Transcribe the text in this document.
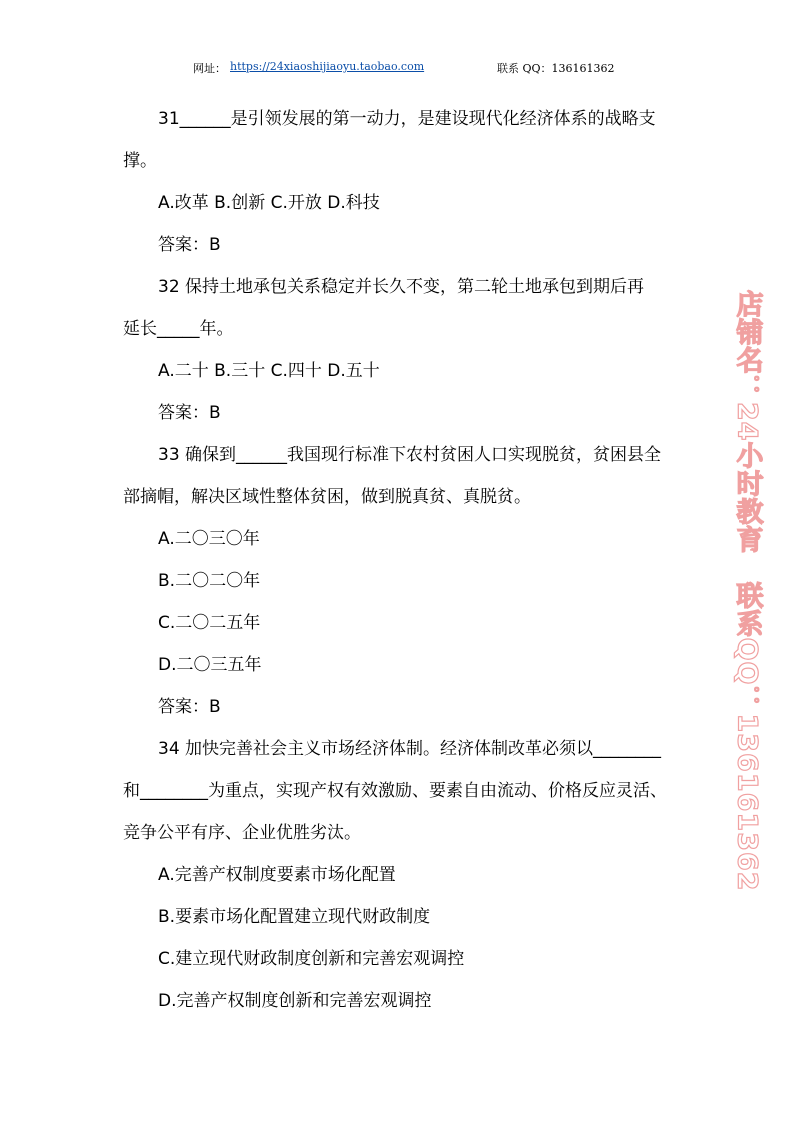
网址： https://24xiaoshijiaoyu.taobao.com	联系 QQ：136161362
31______是引领发展的第一动力，是建设现代化经济体系的战略支
撑。
A.改革 B.创新 C.开放 D.科技
答案：B
32 保持土地承包关系稳定并长久不变，第二轮土地承包到期后再
延长_____年。
A.二十 B.三十 C.四十 D.五十
答案：B
33 确保到______我国现行标准下农村贫困人口实现脱贫，贫困县全
部摘帽，解决区域性整体贫困，做到脱真贫、真脱贫。
A.二〇三〇年
B.二〇二〇年
C.二〇二五年
D.二〇三五年
答案：B
34 加快完善社会主义市场经济体制。经济体制改革必须以________
和________为重点，实现产权有效激励、要素自由流动、价格反应灵活、
竞争公平有序、企业优胜劣汰。
A.完善产权制度要素市场化配置
B.要素市场化配置建立现代财政制度
C.建立现代财政制度创新和完善宏观调控
D.完善产权制度创新和完善宏观调控
店铺名：24小时教育　联系QQ：136161362
